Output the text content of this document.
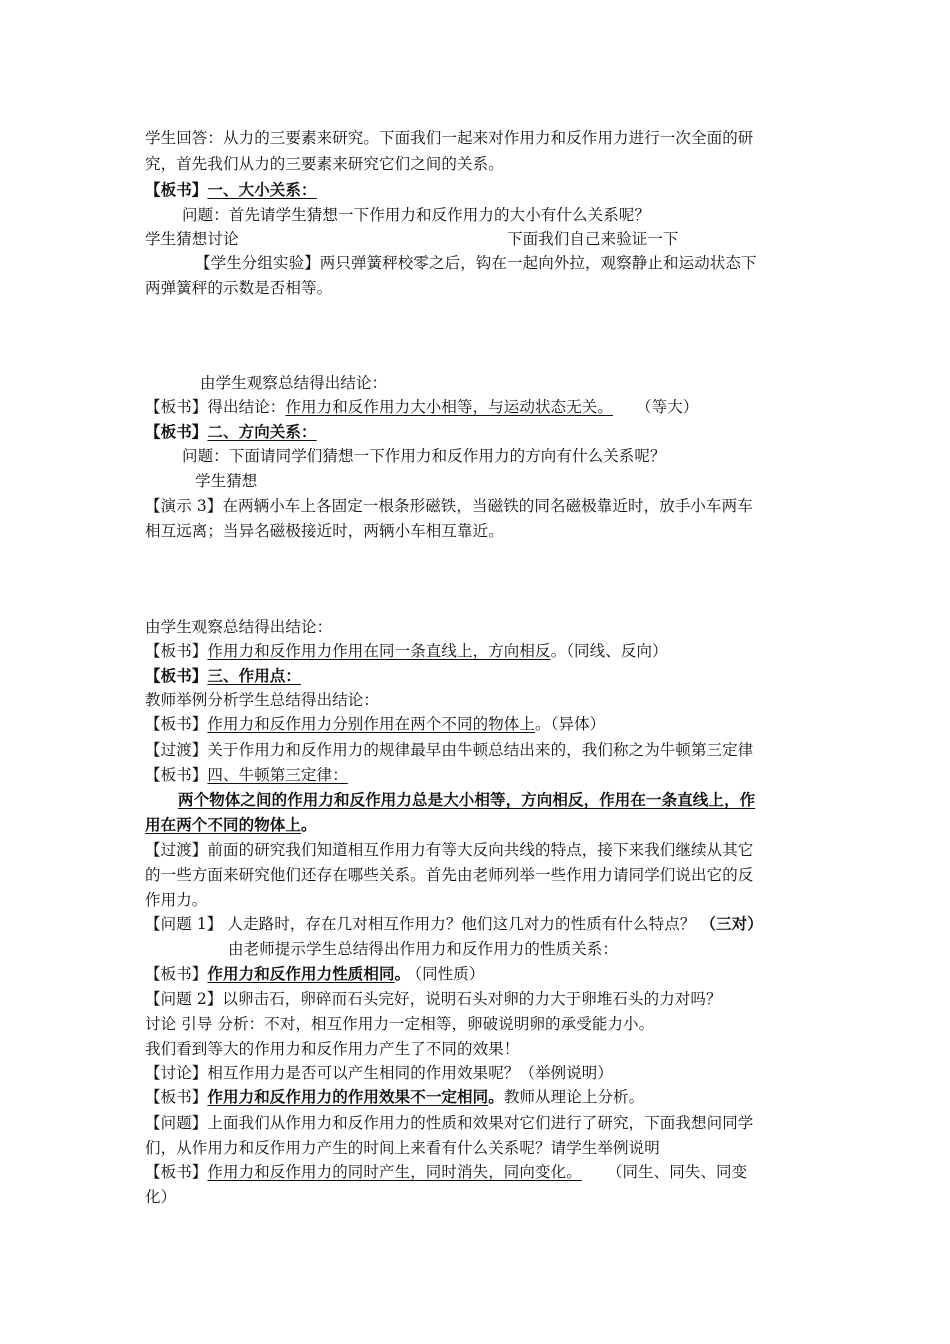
学生回答：从力的三要素来研究。下面我们一起来对作用力和反作用力进行一次全面的研
究，首先我们从力的三要素来研究它们之间的关系。
【板书】一、大小关系：
问题：首先请学生猜想一下作用力和反作用力的大小有什么关系呢？
学生猜想讨论	下面我们自己来验证一下
【学生分组实验】两只弹簧秤校零之后，钩在一起向外拉，观察静止和运动状态下
两弹簧秤的示数是否相等。
由学生观察总结得出结论：
【板书】得出结论：作用力和反作用力大小相等，与运动状态无关。 （等大）
【板书】二、方向关系：
问题：下面请同学们猜想一下作用力和反作用力的方向有什么关系呢？
学生猜想
【演示 3】在两辆小车上各固定一根条形磁铁，当磁铁的同名磁极靠近时，放手小车两车
相互远离；当异名磁极接近时，两辆小车相互靠近。
由学生观察总结得出结论：
【板书】作用力和反作用力作用在同一条直线上，方向相反。（同线、反向）
【板书】三、作用点：
教师举例分析学生总结得出结论：
【板书】作用力和反作用力分别作用在两个不同的物体上。（异体）
【过渡】关于作用力和反作用力的规律最早由牛顿总结出来的，我们称之为牛顿第三定律
【板书】四、牛顿第三定律：
两个物体之间的作用力和反作用力总是大小相等，方向相反，作用在一条直线上，作
用在两个不同的物体上。
【过渡】前面的研究我们知道相互作用力有等大反向共线的特点，接下来我们继续从其它
的一些方面来研究他们还存在哪些关系。首先由老师列举一些作用力请同学们说出它的反
作用力。
【问题 1】 人走路时，存在几对相互作用力？他们这几对力的性质有什么特点？ （三对）
由老师提示学生总结得出作用力和反作用力的性质关系：
【板书】作用力和反作用力性质相同。 （同性质）
【问题 2】以卵击石，卵碎而石头完好，说明石头对卵的力大于卵堆石头的力对吗？
讨论 引导 分析：不对，相互作用力一定相等，卵破说明卵的承受能力小。
我们看到等大的作用力和反作用力产生了不同的效果！
【讨论】相互作用力是否可以产生相同的作用效果呢？（举例说明）
【板书】作用力和反作用力的作用效果不一定相同。教师从理论上分析。
【问题】上面我们从作用力和反作用力的性质和效果对它们进行了研究，下面我想问同学
们，从作用力和反作用力产生的时间上来看有什么关系呢？请学生举例说明
【板书】作用力和反作用力的同时产生，同时消失，同向变化。 （同生、同失、同变
化）
